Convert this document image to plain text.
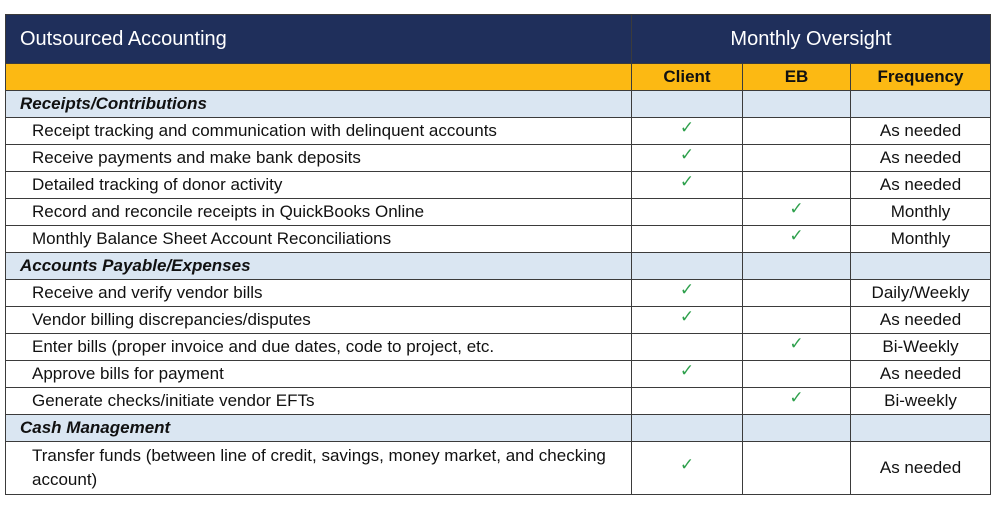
Outsourced Accounting	Monthly Oversight		
	Client	EB	Frequency
Receipts/Contributions			
Receipt tracking and communication with delinquent accounts	✓		As needed
Receive payments and make bank deposits	✓		As needed
Detailed tracking of donor activity	✓		As needed
Record and reconcile receipts in QuickBooks Online		✓	Monthly
Monthly Balance Sheet Account Reconciliations		✓	Monthly
Accounts Payable/Expenses			
Receive and verify vendor bills	✓		Daily/Weekly
Vendor billing discrepancies/disputes	✓		As needed
Enter bills (proper invoice and due dates, code to project, etc.		✓	Bi-Weekly
Approve bills for payment	✓		As needed
Generate checks/initiate vendor EFTs		✓	Bi-weekly
Cash Management			
Transfer funds (between line of credit, savings, money market, and checking account)	✓		As needed
